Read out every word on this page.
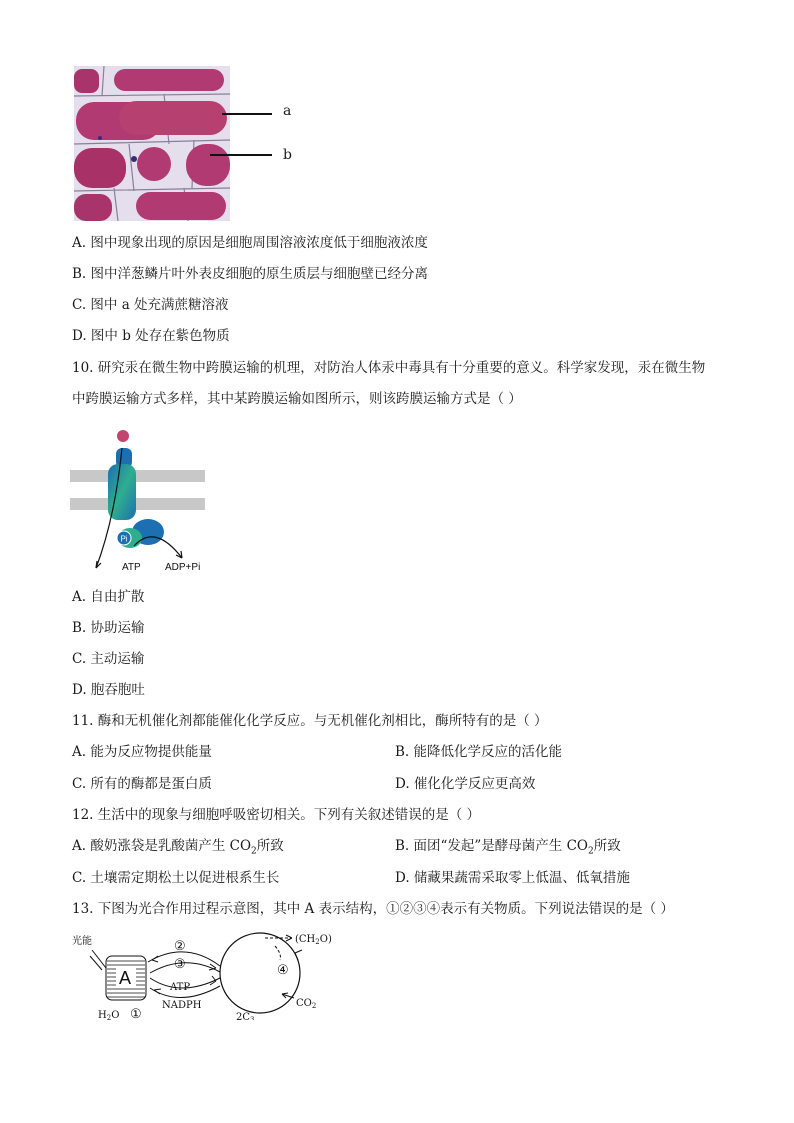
a
b
A. 图中现象出现的原因是细胞周围溶液浓度低于细胞液浓度
B. 图中洋葱鳞片叶外表皮细胞的原生质层与细胞壁已经分离
C. 图中 a 处充满蔗糖溶液
D. 图中 b 处存在紫色物质
10. 研究汞在微生物中跨膜运输的机理，对防治人体汞中毒具有十分重要的意义。科学家发现，汞在微生物
中跨膜运输方式多样，其中某跨膜运输如图所示，则该跨膜运输方式是（ ）
Pi
ATP ADP+Pi
A. 自由扩散
B. 协助运输
C. 主动运输
D. 胞吞胞吐
11. 酶和无机催化剂都能催化化学反应。与无机催化剂相比，酶所特有的是（ ）
A. 能为反应物提供能量	B. 能降低化学反应的活化能
C. 所有的酶都是蛋白质	D. 催化化学反应更高效
12. 生活中的现象与细胞呼吸密切相关。下列有关叙述错误的是（ ）
A. 酸奶涨袋是乳酸菌产生 $CO_2$所致	B. 面团“发起”是酵母菌产生 $CO_2$所致
C. 土壤需定期松土以促进根系生长	D. 储藏果蔬需采取零上低温、低氧措施
13. 下图为光合作用过程示意图，其中 A 表示结构，①②③④表示有关物质。下列说法错误的是（ ）
光能
A
②
③
ATP
NADPH
$H_2O$ ①
$(CH_2O)$
④
$CO_2$
$2C_3$
